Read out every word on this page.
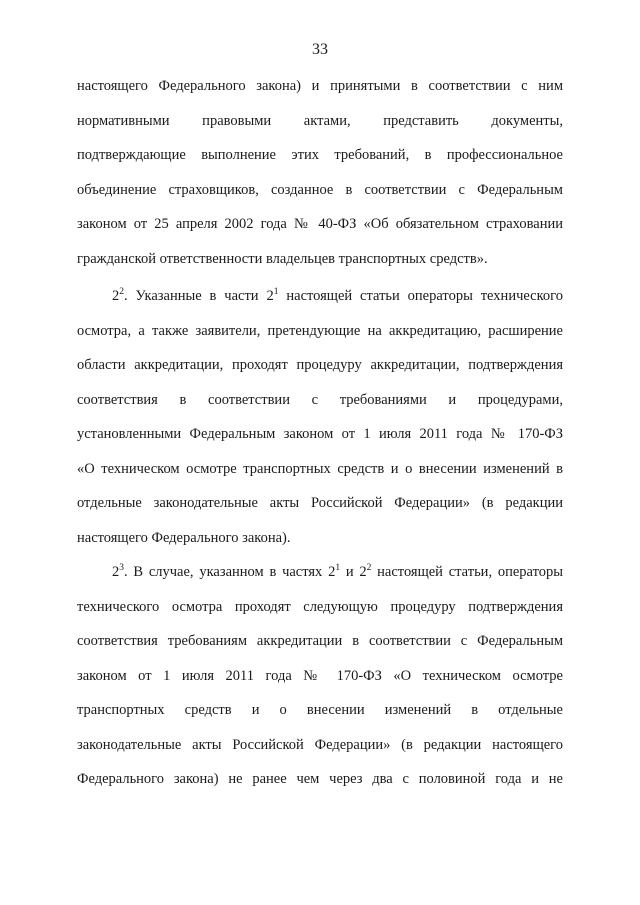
33
настоящего Федерального закона) и принятыми в соответствии с ним
нормативными правовыми актами, представить документы,
подтверждающие выполнение этих требований, в профессиональное
объединение страховщиков, созданное в соответствии с Федеральным
законом от 25 апреля 2002 года № 40-ФЗ «Об обязательном страховании
гражданской ответственности владельцев транспортных средств».
$2^2$. Указанные в части $2^1$ настоящей статьи операторы технического
осмотра, а также заявители, претендующие на аккредитацию, расширение
области аккредитации, проходят процедуру аккредитации, подтверждения
соответствия в соответствии с требованиями и процедурами,
установленными Федеральным законом от 1 июля 2011 года № 170-ФЗ
«О техническом осмотре транспортных средств и о внесении изменений в
отдельные законодательные акты Российской Федерации» (в редакции
настоящего Федерального закона).
$2^3$. В случае, указанном в частях $2^1$ и $2^2$ настоящей статьи, операторы
технического осмотра проходят следующую процедуру подтверждения
соответствия требованиям аккредитации в соответствии с Федеральным
законом от 1 июля 2011 года № 170-ФЗ «О техническом осмотре
транспортных средств и о внесении изменений в отдельные
законодательные акты Российской Федерации» (в редакции настоящего
Федерального закона) не ранее чем через два с половиной года и не
